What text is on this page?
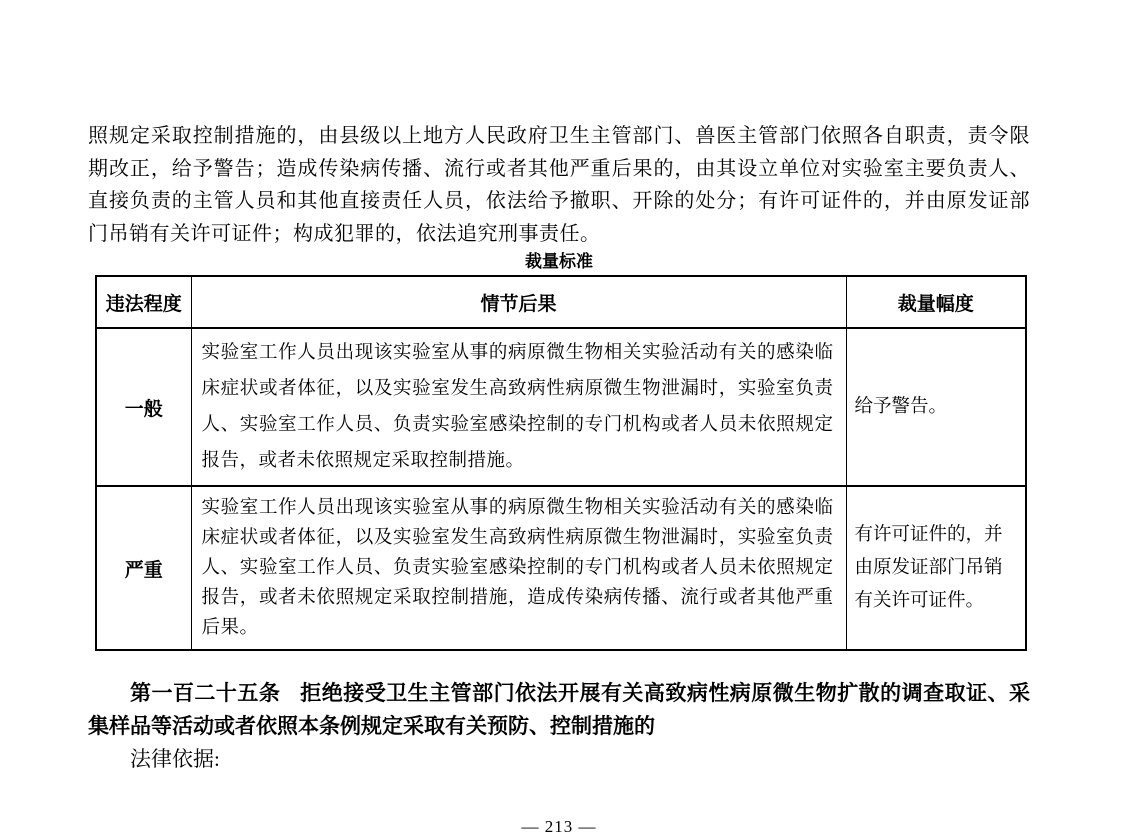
照规定采取控制措施的，由县级以上地方人民政府卫生主管部门、兽医主管部门依照各自职责，责令限期改正，给予警告；造成传染病传播、流行或者其他严重后果的，由其设立单位对实验室主要负责人、直接负责的主管人员和其他直接责任人员，依法给予撤职、开除的处分；有许可证件的，并由原发证部门吊销有关许可证件；构成犯罪的，依法追究刑事责任。

裁量标准
违法程度	情节后果	裁量幅度
一般	实验室工作人员出现该实验室从事的病原微生物相关实验活动有关的感染临床症状或者体征，以及实验室发生高致病性病原微生物泄漏时，实验室负责人、实验室工作人员、负责实验室感染控制的专门机构或者人员未依照规定报告，或者未依照规定采取控制措施。	给予警告。
严重	实验室工作人员出现该实验室从事的病原微生物相关实验活动有关的感染临床症状或者体征，以及实验室发生高致病性病原微生物泄漏时，实验室负责人、实验室工作人员、负责实验室感染控制的专门机构或者人员未依照规定报告，或者未依照规定采取控制措施，造成传染病传播、流行或者其他严重后果。	有许可证件的，并由原发证部门吊销有关许可证件。

第一百二十五条 拒绝接受卫生主管部门依法开展有关高致病性病原微生物扩散的调查取证、采集样品等活动或者依照本条例规定采取有关预防、控制措施的

法律依据:

— 213 —
